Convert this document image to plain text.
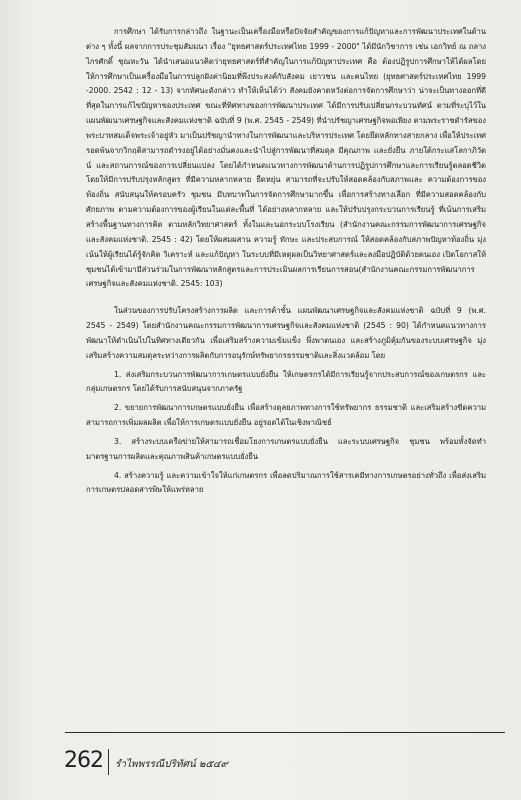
การศึกษา ได้รับการกล่าวถึง ในฐานะเป็นเครื่องมือหรือปัจจัยสำคัญของการแก้ปัญหาและการพัฒนาประเทศในด้านต่าง ๆ ทั้งนี้ ผลจากการประชุมสัมมนา เรื่อง "ยุทธศาสตร์ประเทศไทย 1999 - 2000" ได้มีนักวิชาการ เช่น เอกวิทย์ ณ ถลาง ไกรศักดิ์ ชุณหะวัน ได้นำเสนอแนวคิดว่ายุทธศาสตร์ที่สำคัญในการแก้ปัญหาประเทศ คือ ต้องปฏิรูปการศึกษาให้ได้ผลโดยให้การศึกษาเป็นเครื่องมือในการปลูกฝังค่านิยมที่พึงประสงค์กับสังคม เยาวชน และคนไทย (ยุทธศาสตร์ประเทศไทย 1999 -2000. 2542 : 12 - 13) จากทัศนะดังกล่าว ทำให้เห็นได้ว่า สังคมยังคาดหวังต่อการจัดการศึกษาว่า น่าจะเป็นทางออกที่ดีที่สุดในการแก้ไขปัญหาของประเทศ ขณะที่ทิศทางของการพัฒนาประเทศ ได้มีการปรับเปลี่ยนกระบวนทัศน์ ตามที่ระบุไว้ในแผนพัฒนาเศรษฐกิจและสังคมแห่งชาติ ฉบับที่ 9 (พ.ศ. 2545 - 2549) ที่นำปรัชญาเศรษฐกิจพอเพียง ตามพระราชดำรัสของพระบาทสมเด็จพระเจ้าอยู่หัว มาเป็นปรัชญานำทางในการพัฒนาและบริหารประเทศ โดยยึดหลักทางสายกลาง เพื่อให้ประเทศรอดพ้นจากวิกฤติสามารถดำรงอยู่ได้อย่างมั่นคงและนำไปสู่การพัฒนาที่สมดุล มีคุณภาพ และยั่งยืน ภายใต้กระแสโลกาภิวัตน์ และสถานการณ์ของการเปลี่ยนแปลง โดยได้กำหนดแนวทางการพัฒนาด้านการปฏิรูปการศึกษาและการเรียนรู้ตลอดชีวิต โดยให้มีการปรับปรุงหลักสูตร ที่มีความหลากหลาย ยืดหยุ่น สามารถที่จะปรับให้สอดคล้องกับสภาพและ ความต้องการของท้องถิ่น สนับสนุนให้ครอบครัว ชุมชน มีบทบาทในการจัดการศึกษามากขึ้น เพื่อการสร้างทางเลือก ที่มีความสอดคล้องกับศักยภาพ ตามความต้องการของผู้เรียนในแต่ละพื้นที่ ได้อย่างหลากหลาย และให้ปรับปรุงกระบวนการเรียนรู้ ที่เน้นการเสริมสร้างพื้นฐานทางการคิด ตามหลักวิทยาศาสตร์ ทั้งในและนอกระบบโรงเรียน (สำนักงานคณะกรรมการพัฒนาการเศรษฐกิจและสังคมแห่งชาติ. 2545 : 42) โดยให้ผสมผสาน ความรู้ ทักษะ และประสบการณ์ ให้สอดคล้องกับสภาพปัญหาท้องถิ่น มุ่งเน้นให้ผู้เรียนได้รู้จักคิด วิเคราะห์ และแก้ปัญหา ในระบบที่มีเหตุผลเป็นวิทยาศาสตร์และลงมือปฏิบัติด้วยตนเอง เปิดโอกาสให้ชุมชนได้เข้ามามีส่วนร่วมในการพัฒนาหลักสูตรและการประเมินผลการเรียนการสอน(สำนักงานคณะกรรมการพัฒนาการเศรษฐกิจและสังคมแห่งชาติ. 2545: 103)

ในส่วนของการปรับโครงสร้างการผลิต และการค้าขั้น แผนพัฒนาเศรษฐกิจและสังคมแห่งชาติ ฉบับที่ 9 (พ.ศ. 2545 - 2549) โดยสำนักงานคณะกรรมการพัฒนาการเศรษฐกิจและสังคมแห่งชาติ (2545 : 90) ได้กำหนดแนวทางการพัฒนาให้ดำเนินไปในทิศทางเดียวกัน เพื่อเสริมสร้างความเข้มแข็ง พึ่งพาตนเอง และสร้างภูมิคุ้มกันของระบบเศรษฐกิจ มุ่งเสริมสร้างความสมดุลระหว่างการผลิตกับการอนุรักษ์ทรัพยากรธรรมชาติและสิ่งแวดล้อม โดย

1. ส่งเสริมกระบวนการพัฒนาการเกษตรแบบยั่งยืน ให้เกษตรกรได้มีการเรียนรู้จากประสบการณ์ของเกษตรกร และกลุ่มเกษตรกร โดยได้รับการสนับสนุนจากภาครัฐ

2. ขยายการพัฒนาการเกษตรแบบยั่งยืน เพื่อสร้างดุลยภาพทางการใช้ทรัพยากร ธรรมชาติ และเสริมสร้างขีดความสามารถการเพิ่มผลผลิต เพื่อให้การเกษตรแบบยั่งยืน อยู่รอดได้ในเชิงพาณิชย์

3. สร้างระบบเครือข่ายให้สามารถเชื่อมโยงการเกษตรแบบยั่งยืน และระบบเศรษฐกิจ ชุมชน พร้อมทั้งจัดทำมาตรฐานการผลิตและคุณภาพสินค้าเกษตรแบบยั่งยืน

4. สร้างความรู้ และความเข้าใจให้แก่เกษตรกร เพื่อลดปริมาณการใช้สารเคมีทางการเกษตรอย่างทั่วถึง เพื่อส่งเสริมการเกษตรปลอดสารพิษให้แพร่หลาย

262 รำไพพรรณีปริทัศน์ ๒๕๔๙
